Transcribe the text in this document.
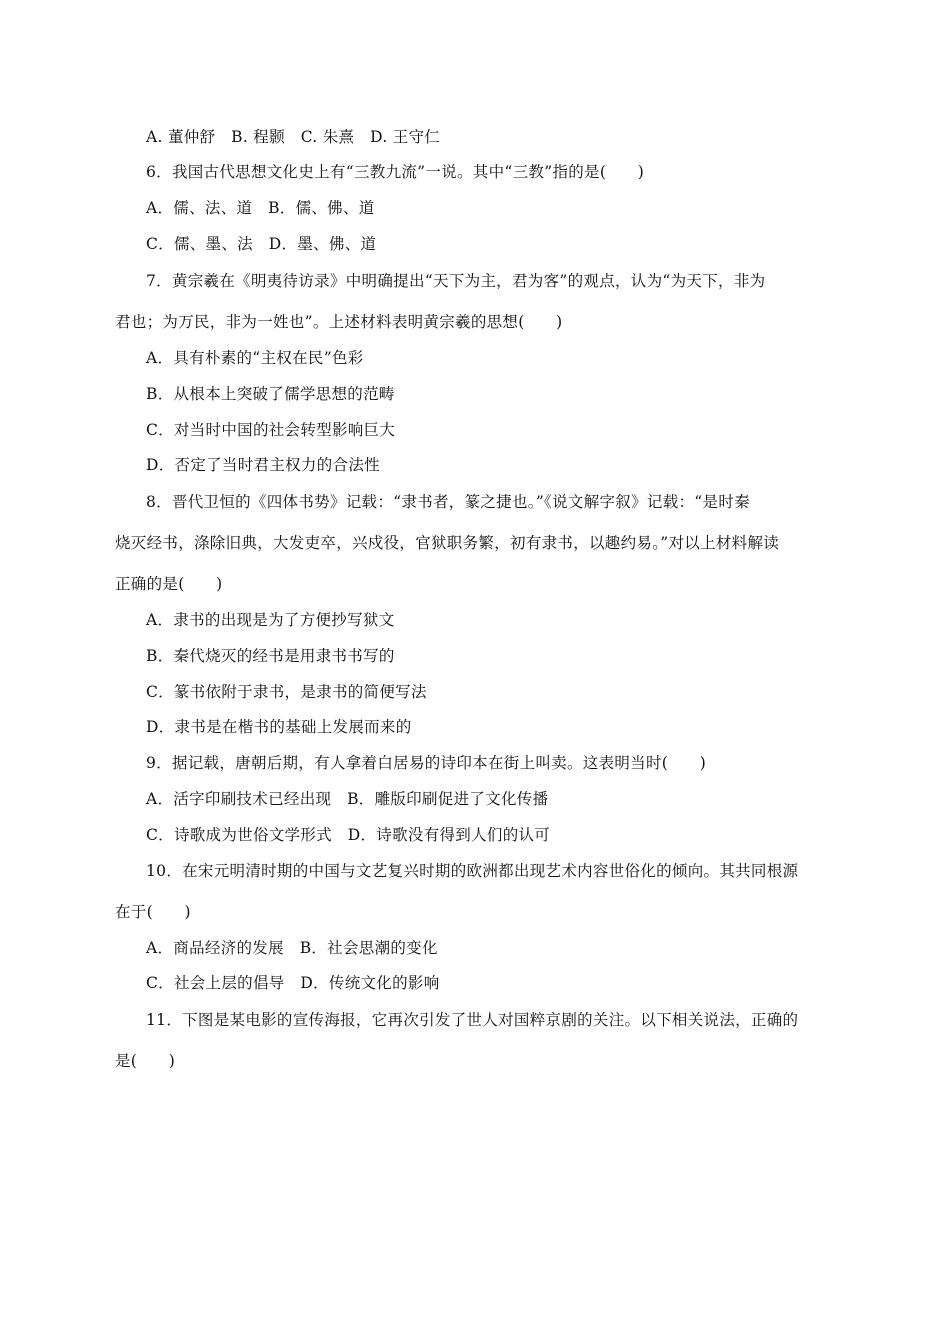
A. 董仲舒　B. 程颢　C. 朱熹　D. 王守仁
6．我国古代思想文化史上有“三教九流”一说。其中“三教”指的是(　　)
A．儒、法、道　B．儒、佛、道
C．儒、墨、法　D．墨、佛、道
7．黄宗羲在《明夷待访录》中明确提出“天下为主，君为客”的观点，认为“为天下，非为
君也；为万民，非为一姓也”。上述材料表明黄宗羲的思想(　　)
A．具有朴素的“主权在民”色彩
B．从根本上突破了儒学思想的范畴
C．对当时中国的社会转型影响巨大
D．否定了当时君主权力的合法性
8．晋代卫恒的《四体书势》记载：“隶书者，篆之捷也。”《说文解字叙》记载：“是时秦
烧灭经书，涤除旧典，大发吏卒，兴戍役，官狱职务繁，初有隶书，以趣约易。”对以上材料解读
正确的是(　　)
A．隶书的出现是为了方便抄写狱文
B．秦代烧灭的经书是用隶书书写的
C．篆书依附于隶书，是隶书的简便写法
D．隶书是在楷书的基础上发展而来的
9．据记载，唐朝后期，有人拿着白居易的诗印本在街上叫卖。这表明当时(　　)
A．活字印刷技术已经出现　B．雕版印刷促进了文化传播
C．诗歌成为世俗文学形式　D．诗歌没有得到人们的认可
10．在宋元明清时期的中国与文艺复兴时期的欧洲都出现艺术内容世俗化的倾向。其共同根源
在于(　　)
A．商品经济的发展　B．社会思潮的变化
C．社会上层的倡导　D．传统文化的影响
11．下图是某电影的宣传海报，它再次引发了世人对国粹京剧的关注。以下相关说法，正确的
是(　　)
